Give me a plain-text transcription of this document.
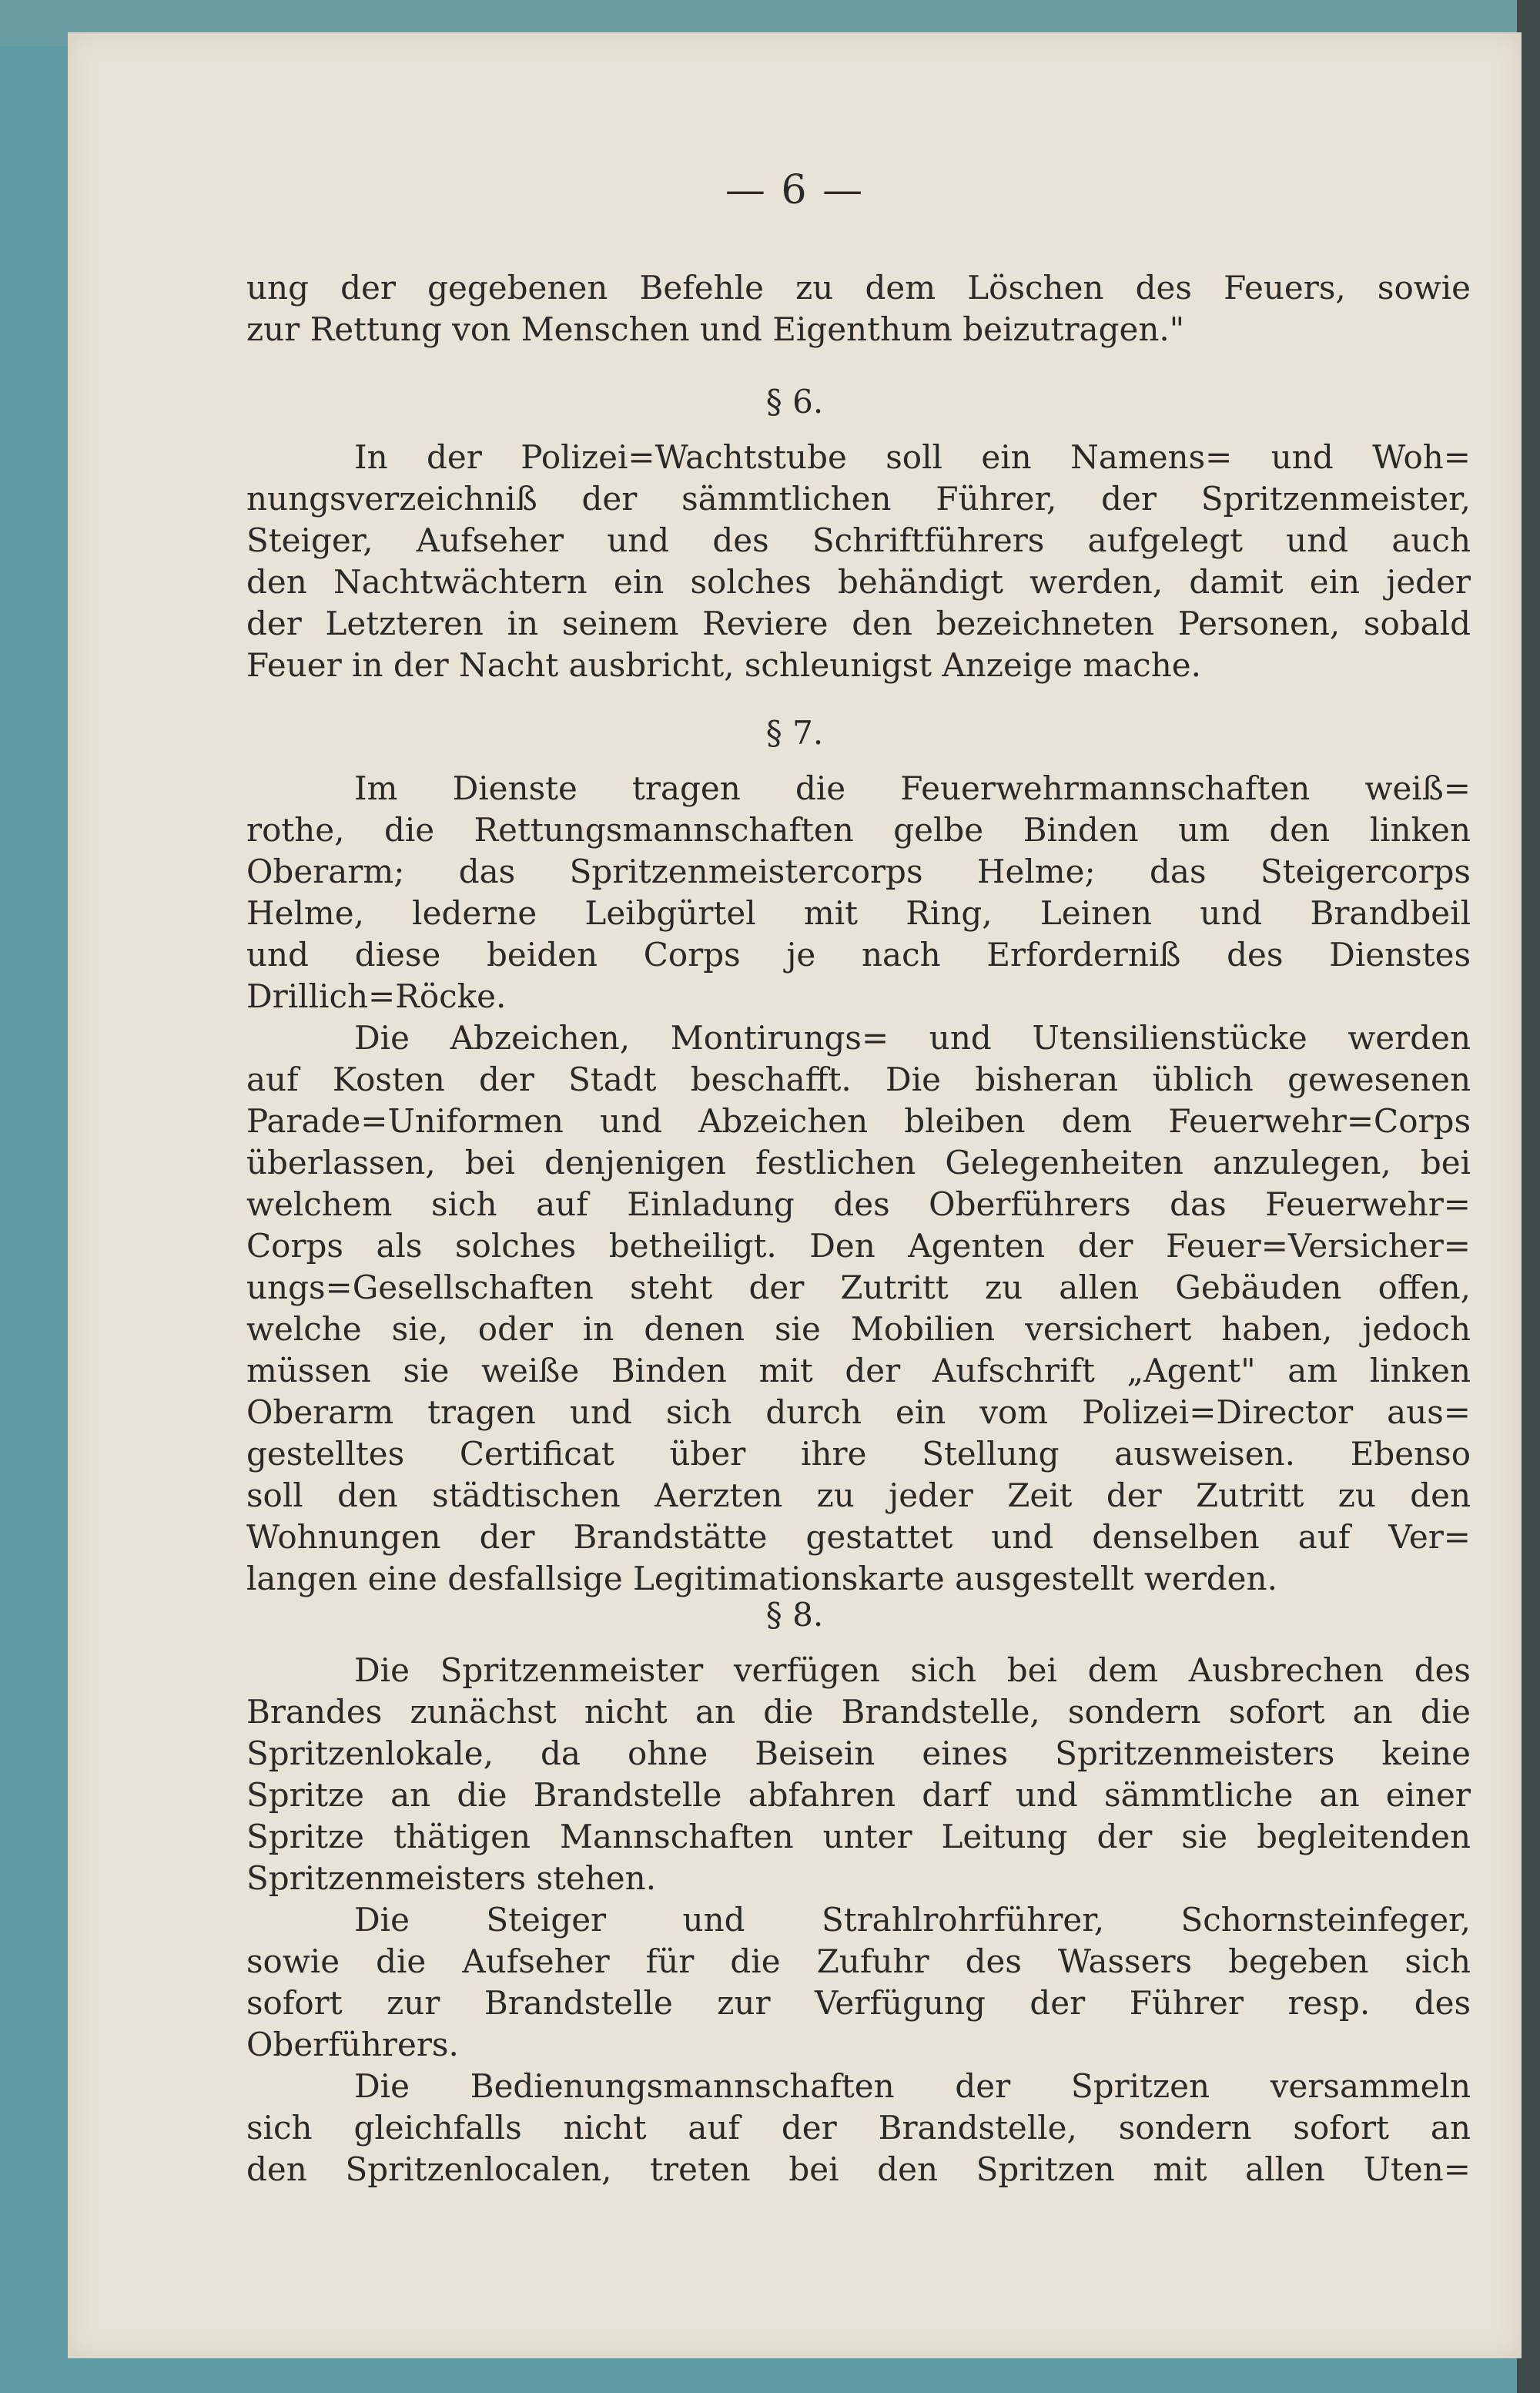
— 6 —
ung der gegebenen Befehle zu dem Löschen des Feuers, sowie
zur Rettung von Menschen und Eigenthum beizutragen."
§ 6.
In der Polizei=Wachtstube soll ein Namens= und Woh=
nungsverzeichniß der sämmtlichen Führer, der Spritzenmeister,
Steiger, Aufseher und des Schriftführers aufgelegt und auch
den Nachtwächtern ein solches behändigt werden, damit ein jeder
der Letzteren in seinem Reviere den bezeichneten Personen, sobald
Feuer in der Nacht ausbricht, schleunigst Anzeige mache.
§ 7.
Im Dienste tragen die Feuerwehrmannschaften weiß=
rothe, die Rettungsmannschaften gelbe Binden um den linken
Oberarm; das Spritzenmeistercorps Helme; das Steigercorps
Helme, lederne Leibgürtel mit Ring, Leinen und Brandbeil
und diese beiden Corps je nach Erforderniß des Dienstes
Drillich=Röcke.
Die Abzeichen, Montirungs= und Utensilienstücke werden
auf Kosten der Stadt beschafft. Die bisheran üblich gewesenen
Parade=Uniformen und Abzeichen bleiben dem Feuerwehr=Corps
überlassen, bei denjenigen festlichen Gelegenheiten anzulegen, bei
welchem sich auf Einladung des Oberführers das Feuerwehr=
Corps als solches betheiligt. Den Agenten der Feuer=Versicher=
ungs=Gesellschaften steht der Zutritt zu allen Gebäuden offen,
welche sie, oder in denen sie Mobilien versichert haben, jedoch
müssen sie weiße Binden mit der Aufschrift „Agent" am linken
Oberarm tragen und sich durch ein vom Polizei=Director aus=
gestelltes Certificat über ihre Stellung ausweisen. Ebenso
soll den städtischen Aerzten zu jeder Zeit der Zutritt zu den
Wohnungen der Brandstätte gestattet und denselben auf Ver=
langen eine desfallsige Legitimationskarte ausgestellt werden.
§ 8.
Die Spritzenmeister verfügen sich bei dem Ausbrechen des
Brandes zunächst nicht an die Brandstelle, sondern sofort an die
Spritzenlokale, da ohne Beisein eines Spritzenmeisters keine
Spritze an die Brandstelle abfahren darf und sämmtliche an einer
Spritze thätigen Mannschaften unter Leitung der sie begleitenden
Spritzenmeisters stehen.
Die Steiger und Strahlrohrführer, Schornsteinfeger,
sowie die Aufseher für die Zufuhr des Wassers begeben sich
sofort zur Brandstelle zur Verfügung der Führer resp. des
Oberführers.
Die Bedienungsmannschaften der Spritzen versammeln
sich gleichfalls nicht auf der Brandstelle, sondern sofort an
den Spritzenlocalen, treten bei den Spritzen mit allen Uten=
